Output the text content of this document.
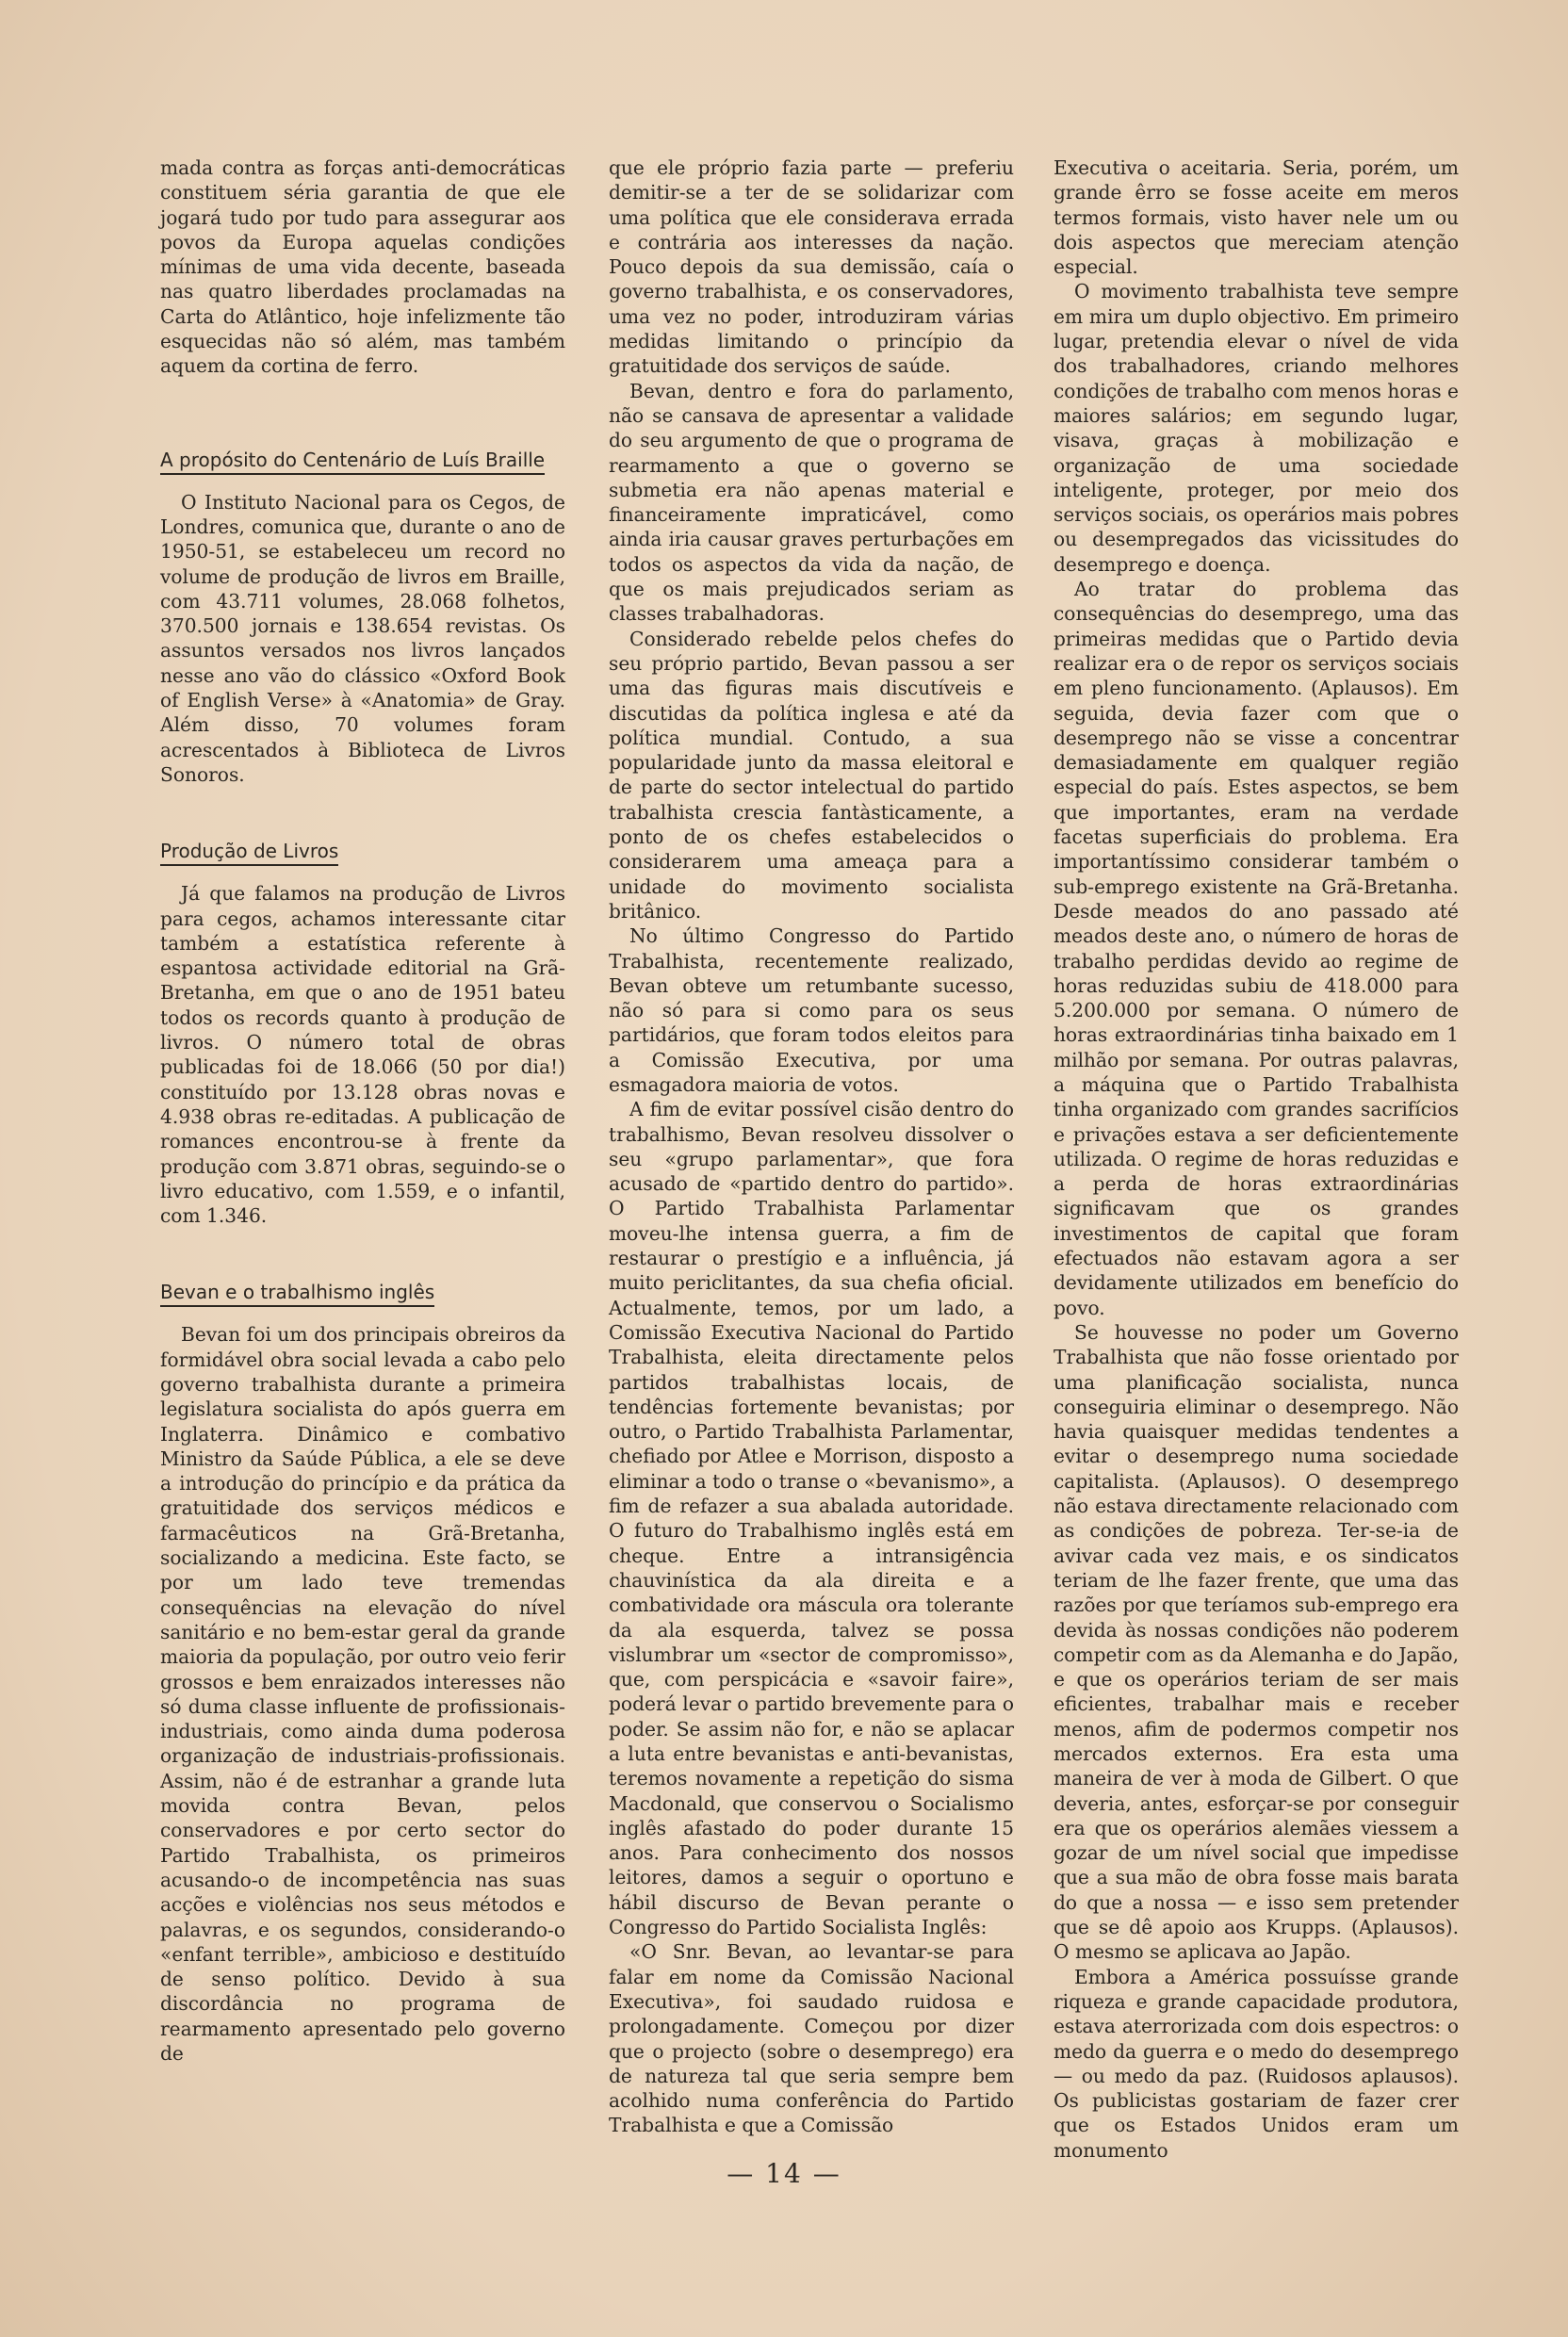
mada contra as forças anti-democráticas constituem séria garantia de que ele jogará tudo por tudo para assegurar aos povos da Europa aquelas condições mínimas de uma vida decente, baseada nas quatro liberdades proclamadas na Carta do Atlântico, hoje infelizmente tão esquecidas não só além, mas também aquem da cortina de ferro.

A propósito do Centenário de Luís Braille

O Instituto Nacional para os Cegos, de Londres, comunica que, durante o ano de 1950-51, se estabeleceu um record no volume de produção de livros em Braille, com 43.711 volumes, 28.068 folhetos, 370.500 jornais e 138.654 revistas. Os assuntos versados nos livros lançados nesse ano vão do clássico «Oxford Book of English Verse» à «Anatomia» de Gray. Além disso, 70 volumes foram acrescentados à Biblioteca de Livros Sonoros.

Produção de Livros

Já que falamos na produção de Livros para cegos, achamos interessante citar também a estatística referente à espantosa actividade editorial na Grã-Bretanha, em que o ano de 1951 bateu todos os records quanto à produção de livros. O número total de obras publicadas foi de 18.066 (50 por dia!) constituído por 13.128 obras novas e 4.938 obras re-editadas. A publicação de romances encontrou-se à frente da produção com 3.871 obras, seguindo-se o livro educativo, com 1.559, e o infantil, com 1.346.

Bevan e o trabalhismo inglês

Bevan foi um dos principais obreiros da formidável obra social levada a cabo pelo governo trabalhista durante a primeira legislatura socialista do após guerra em Inglaterra. Dinâmico e combativo Ministro da Saúde Pública, a ele se deve a introdução do princípio e da prática da gratuitidade dos serviços médicos e farmacêuticos na Grã-Bretanha, socializando a medicina. Este facto, se por um lado teve tremendas consequências na elevação do nível sanitário e no bem-estar geral da grande maioria da população, por outro veio ferir grossos e bem enraizados interesses não só duma classe influente de profissionais-industriais, como ainda duma poderosa organização de industriais-profissionais. Assim, não é de estranhar a grande luta movida contra Bevan, pelos conservadores e por certo sector do Partido Trabalhista, os primeiros acusando-o de incompetência nas suas acções e violências nos seus métodos e palavras, e os segundos, considerando-o «enfant terrible», ambicioso e destituído de senso político. Devido à sua discordância no programa de rearmamento apresentado pelo governo de

que ele próprio fazia parte — preferiu demitir-se a ter de se solidarizar com uma política que ele considerava errada e contrária aos interesses da nação. Pouco depois da sua demissão, caía o governo trabalhista, e os conservadores, uma vez no poder, introduziram várias medidas limitando o princípio da gratuitidade dos serviços de saúde.

Bevan, dentro e fora do parlamento, não se cansava de apresentar a validade do seu argumento de que o programa de rearmamento a que o governo se submetia era não apenas material e financeiramente impraticável, como ainda iria causar graves perturbações em todos os aspectos da vida da nação, de que os mais prejudicados seriam as classes trabalhadoras.

Considerado rebelde pelos chefes do seu próprio partido, Bevan passou a ser uma das figuras mais discutíveis e discutidas da política inglesa e até da política mundial. Contudo, a sua popularidade junto da massa eleitoral e de parte do sector intelectual do partido trabalhista crescia fantàsticamente, a ponto de os chefes estabelecidos o considerarem uma ameaça para a unidade do movimento socialista britânico.

No último Congresso do Partido Trabalhista, recentemente realizado, Bevan obteve um retumbante sucesso, não só para si como para os seus partidários, que foram todos eleitos para a Comissão Executiva, por uma esmagadora maioria de votos.

A fim de evitar possível cisão dentro do trabalhismo, Bevan resolveu dissolver o seu «grupo parlamentar», que fora acusado de «partido dentro do partido». O Partido Trabalhista Parlamentar moveu-lhe intensa guerra, a fim de restaurar o prestígio e a influência, já muito periclitantes, da sua chefia oficial. Actualmente, temos, por um lado, a Comissão Executiva Nacional do Partido Trabalhista, eleita directamente pelos partidos trabalhistas locais, de tendências fortemente bevanistas; por outro, o Partido Trabalhista Parlamentar, chefiado por Atlee e Morrison, disposto a eliminar a todo o transe o «bevanismo», a fim de refazer a sua abalada autoridade. O futuro do Trabalhismo inglês está em cheque. Entre a intransigência chauvinística da ala direita e a combatividade ora máscula ora tolerante da ala esquerda, talvez se possa vislumbrar um «sector de compromisso», que, com perspicácia e «savoir faire», poderá levar o partido brevemente para o poder. Se assim não for, e não se aplacar a luta entre bevanistas e anti-bevanistas, teremos novamente a repetição do sisma Macdonald, que conservou o Socialismo inglês afastado do poder durante 15 anos. Para conhecimento dos nossos leitores, damos a seguir o oportuno e hábil discurso de Bevan perante o Congresso do Partido Socialista Inglês:

«O Snr. Bevan, ao levantar-se para falar em nome da Comissão Nacional Executiva», foi saudado ruidosa e prolongadamente. Começou por dizer que o projecto (sobre o desemprego) era de natureza tal que seria sempre bem acolhido numa conferência do Partido Trabalhista e que a Comissão

Executiva o aceitaria. Seria, porém, um grande êrro se fosse aceite em meros termos formais, visto haver nele um ou dois aspectos que mereciam atenção especial.

O movimento trabalhista teve sempre em mira um duplo objectivo. Em primeiro lugar, pretendia elevar o nível de vida dos trabalhadores, criando melhores condições de trabalho com menos horas e maiores salários; em segundo lugar, visava, graças à mobilização e organização de uma sociedade inteligente, proteger, por meio dos serviços sociais, os operários mais pobres ou desempregados das vicissitudes do desemprego e doença.

Ao tratar do problema das consequências do desemprego, uma das primeiras medidas que o Partido devia realizar era o de repor os serviços sociais em pleno funcionamento. (Aplausos). Em seguida, devia fazer com que o desemprego não se visse a concentrar demasiadamente em qualquer região especial do país. Estes aspectos, se bem que importantes, eram na verdade facetas superficiais do problema. Era importantíssimo considerar também o sub-emprego existente na Grã-Bretanha. Desde meados do ano passado até meados deste ano, o número de horas de trabalho perdidas devido ao regime de horas reduzidas subiu de 418.000 para 5.200.000 por semana. O número de horas extraordinárias tinha baixado em 1 milhão por semana. Por outras palavras, a máquina que o Partido Trabalhista tinha organizado com grandes sacrifícios e privações estava a ser deficientemente utilizada. O regime de horas reduzidas e a perda de horas extraordinárias significavam que os grandes investimentos de capital que foram efectuados não estavam agora a ser devidamente utilizados em benefício do povo.

Se houvesse no poder um Governo Trabalhista que não fosse orientado por uma planificação socialista, nunca conseguiria eliminar o desemprego. Não havia quaisquer medidas tendentes a evitar o desemprego numa sociedade capitalista. (Aplausos). O desemprego não estava directamente relacionado com as condições de pobreza. Ter-se-ia de avivar cada vez mais, e os sindicatos teriam de lhe fazer frente, que uma das razões por que teríamos sub-emprego era devida às nossas condições não poderem competir com as da Alemanha e do Japão, e que os operários teriam de ser mais eficientes, trabalhar mais e receber menos, afim de podermos competir nos mercados externos. Era esta uma maneira de ver à moda de Gilbert. O que deveria, antes, esforçar-se por conseguir era que os operários alemães viessem a gozar de um nível social que impedisse que a sua mão de obra fosse mais barata do que a nossa — e isso sem pretender que se dê apoio aos Krupps. (Aplausos). O mesmo se aplicava ao Japão.

Embora a América possuísse grande riqueza e grande capacidade produtora, estava aterrorizada com dois espectros: o medo da guerra e o medo do desemprego — ou medo da paz. (Ruidosos aplausos). Os publicistas gostariam de fazer crer que os Estados Unidos eram um monumento

— 14 —
